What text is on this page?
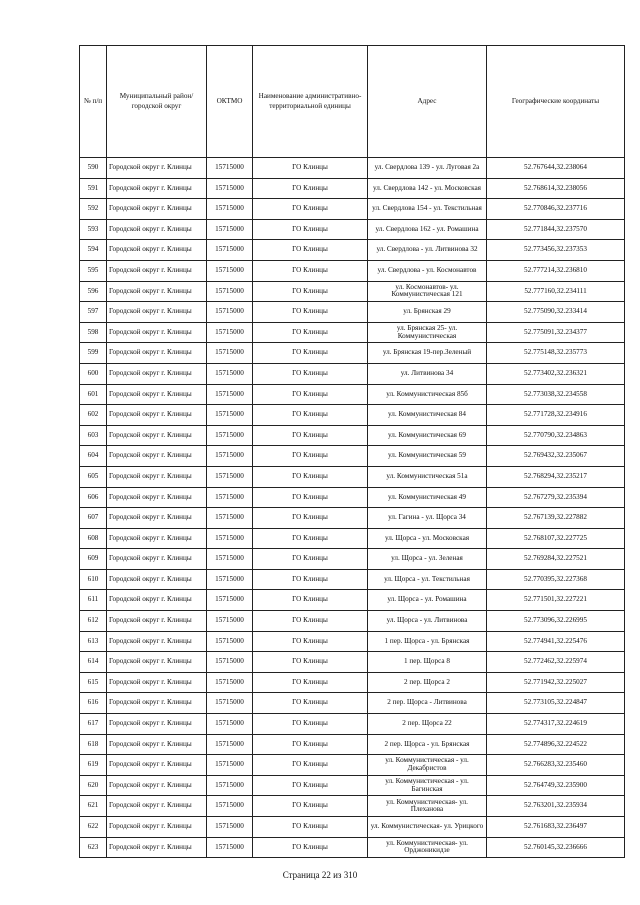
№ п/п	Муниципальный район/городской округ	ОКТМО	Наименование административно-территориальной единицы	Адрес	Географические координаты
590	Городской округ г. Клинцы	15715000	ГО Клинцы	ул. Свердлова 139 - ул. Луговая 2а	52.767644,32.238064
591	Городской округ г. Клинцы	15715000	ГО Клинцы	ул. Свердлова 142 - ул. Московская	52.768614,32.238056
592	Городской округ г. Клинцы	15715000	ГО Клинцы	ул. Свердлова 154 - ул. Текстильная	52.770846,32.237716
593	Городской округ г. Клинцы	15715000	ГО Клинцы	ул. Свердлова 162 - ул. Ромашина	52.771844,32.237570
594	Городской округ г. Клинцы	15715000	ГО Клинцы	ул. Свердлова - ул. Литвинова 32	52.773456,32.237353
595	Городской округ г. Клинцы	15715000	ГО Клинцы	ул. Свердлова - ул. Космонавтов	52.777214,32.236810
596	Городской округ г. Клинцы	15715000	ГО Клинцы	ул. Космонавтов- ул. Коммунистическая 121	52.777160,32.234111
597	Городской округ г. Клинцы	15715000	ГО Клинцы	ул. Брянская 29	52.775090,32.233414
598	Городской округ г. Клинцы	15715000	ГО Клинцы	ул. Брянская 25- ул. Коммунистическая	52.775091,32.234377
599	Городской округ г. Клинцы	15715000	ГО Клинцы	ул. Брянская 19-пер.Зеленый	52.775148,32.235773
600	Городской округ г. Клинцы	15715000	ГО Клинцы	ул. Литвинова 34	52.773402,32.236321
601	Городской округ г. Клинцы	15715000	ГО Клинцы	ул. Коммунистическая 85б	52.773038,32.234558
602	Городской округ г. Клинцы	15715000	ГО Клинцы	ул. Коммунистическая 84	52.771728,32.234916
603	Городской округ г. Клинцы	15715000	ГО Клинцы	ул. Коммунистическая 69	52.770790,32.234863
604	Городской округ г. Клинцы	15715000	ГО Клинцы	ул. Коммунистическая 59	52.769432,32.235067
605	Городской округ г. Клинцы	15715000	ГО Клинцы	ул. Коммунистическая 51а	52.768294,32.235217
606	Городской округ г. Клинцы	15715000	ГО Клинцы	ул. Коммунистическая 49	52.767279,32.235394
607	Городской округ г. Клинцы	15715000	ГО Клинцы	ул. Гагина - ул. Щорса 34	52.767139,32.227882
608	Городской округ г. Клинцы	15715000	ГО Клинцы	ул. Щорса - ул. Московская	52.768107,32.227725
609	Городской округ г. Клинцы	15715000	ГО Клинцы	ул. Щорса - ул. Зеленая	52.769284,32.227521
610	Городской округ г. Клинцы	15715000	ГО Клинцы	ул. Щорса - ул. Текстильная	52.770395,32.227368
611	Городской округ г. Клинцы	15715000	ГО Клинцы	ул. Щорса - ул. Ромашина	52.771501,32.227221
612	Городской округ г. Клинцы	15715000	ГО Клинцы	ул. Щорса - ул. Литвинова	52.773096,32.226995
613	Городской округ г. Клинцы	15715000	ГО Клинцы	1 пер. Щорса - ул. Брянская	52.774941,32.225476
614	Городской округ г. Клинцы	15715000	ГО Клинцы	1 пер. Щорса 8	52.772462,32.225974
615	Городской округ г. Клинцы	15715000	ГО Клинцы	2 пер. Щорса 2	52.771942,32.225027
616	Городской округ г. Клинцы	15715000	ГО Клинцы	2 пер. Щорса - Литвинова	52.773105,32.224847
617	Городской округ г. Клинцы	15715000	ГО Клинцы	2 пер. Щорса 22	52.774317,32.224619
618	Городской округ г. Клинцы	15715000	ГО Клинцы	2 пер. Щорса - ул. Брянская	52.774896,32.224522
619	Городской округ г. Клинцы	15715000	ГО Клинцы	ул. Коммунистическая - ул. Декабристов	52.766283,32.235460
620	Городской округ г. Клинцы	15715000	ГО Клинцы	ул. Коммунистическая - ул. Багинская	52.764749,32.235900
621	Городской округ г. Клинцы	15715000	ГО Клинцы	ул. Коммунистическая- ул. Плеханова	52.763201,32.235934
622	Городской округ г. Клинцы	15715000	ГО Клинцы	ул. Коммунистическая- ул. Урицкого	52.761683,32.236497
623	Городской округ г. Клинцы	15715000	ГО Клинцы	ул. Коммунистическая- ул. Орджоникидзе	52.760145,32.236666
Страница 22 из 310
